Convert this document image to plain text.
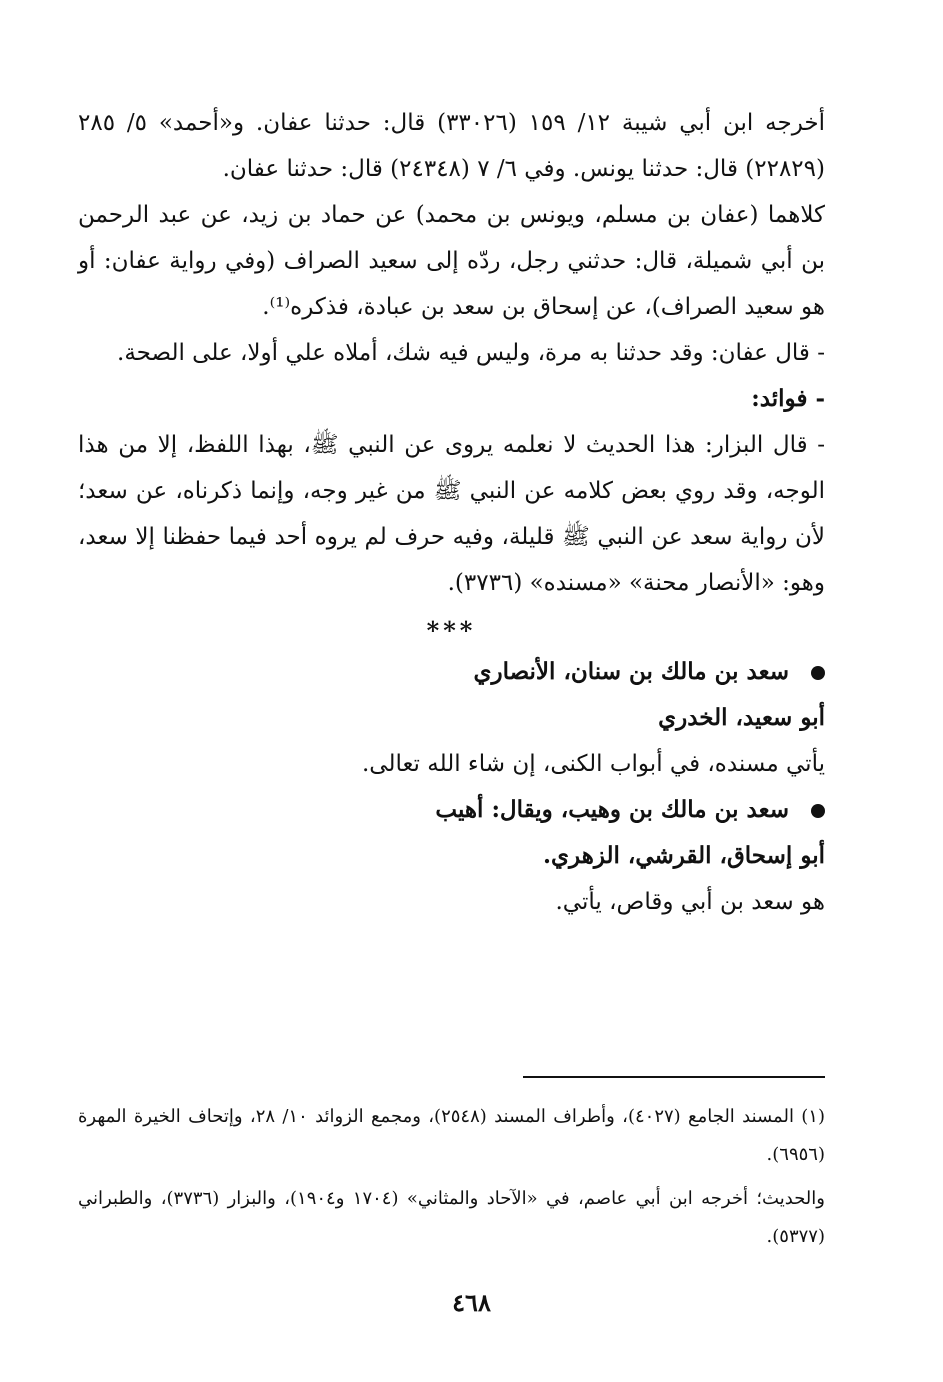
أخرجه ابن أبي شيبة ١٢/ ١٥٩ (٣٣٠٢٦) قال: حدثنا عفان. و«أحمد» ٥/ ٢٨٥ (٢٢٨٢٩) قال: حدثنا يونس. وفي ٦/ ٧ (٢٤٣٤٨) قال: حدثنا عفان.

كلاهما (عفان بن مسلم، ويونس بن محمد) عن حماد بن زيد، عن عبد الرحمن بن أبي شميلة، قال: حدثني رجل، ردّه إلى سعيد الصراف (وفي رواية عفان: أو هو سعيد الصراف)، عن إسحاق بن سعد بن عبادة، فذكره⁽¹⁾.

- قال عفان: وقد حدثنا به مرة، وليس فيه شك، أملاه علي أولا، على الصحة.

- فوائد:

- قال البزار: هذا الحديث لا نعلمه يروى عن النبي ﷺ، بهذا اللفظ، إلا من هذا الوجه، وقد روي بعض كلامه عن النبي ﷺ من غير وجه، وإنما ذكرناه، عن سعد؛ لأن رواية سعد عن النبي ﷺ قليلة، وفيه حرف لم يروه أحد فيما حفظنا إلا سعد، وهو: «الأنصار محنة» «مسنده» (٣٧٣٦).

***

سعد بن مالك بن سنان، الأنصاري

أبو سعيد، الخدري

يأتي مسنده، في أبواب الكنى، إن شاء الله تعالى.

سعد بن مالك بن وهيب، ويقال: أهيب

أبو إسحاق، القرشي، الزهري.

هو سعد بن أبي وقاص، يأتي.

(١) المسند الجامع (٤٠٢٧)، وأطراف المسند (٢٥٤٨)، ومجمع الزوائد ١٠/ ٢٨، وإتحاف الخيرة المهرة (٦٩٥٦).

والحديث؛ أخرجه ابن أبي عاصم، في «الآحاد والمثاني» (١٧٠٤ و١٩٠٤)، والبزار (٣٧٣٦)، والطبراني (٥٣٧٧).

٤٦٨
